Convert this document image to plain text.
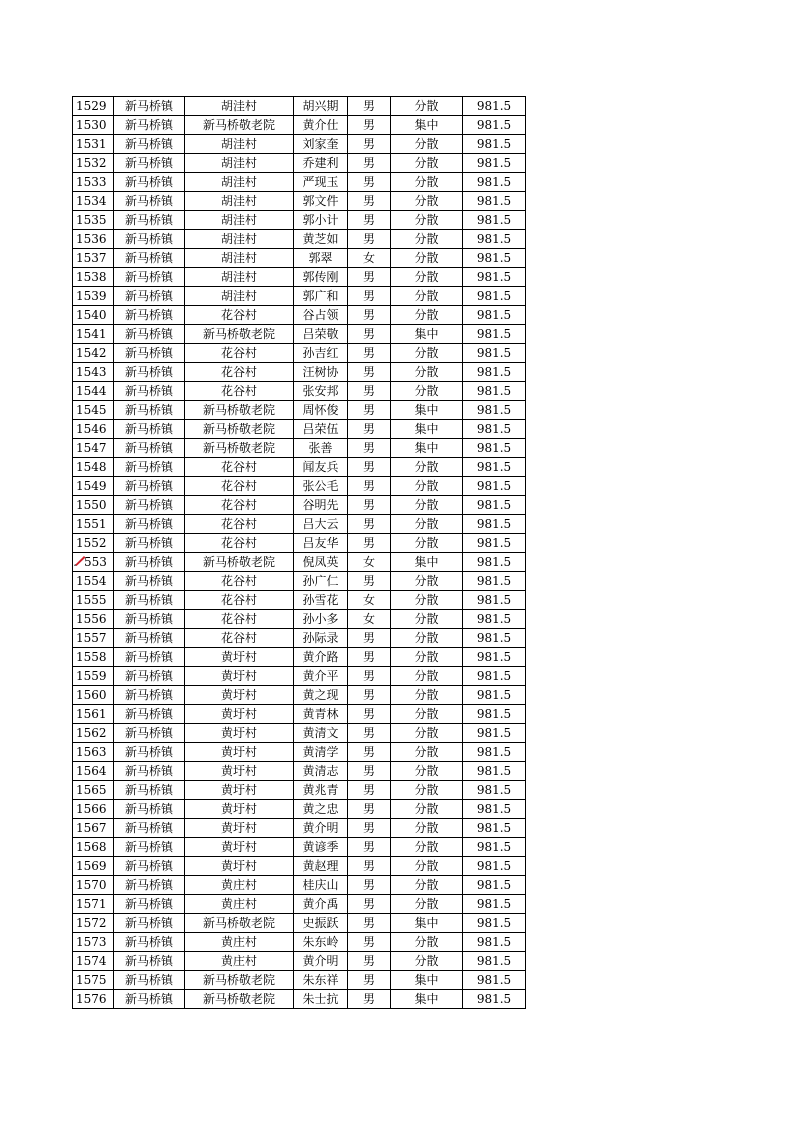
1529	新马桥镇	胡洼村	胡兴期	男	分散	981.5
1530	新马桥镇	新马桥敬老院	黄介仕	男	集中	981.5
1531	新马桥镇	胡洼村	刘家奎	男	分散	981.5
1532	新马桥镇	胡洼村	乔建利	男	分散	981.5
1533	新马桥镇	胡洼村	严现玉	男	分散	981.5
1534	新马桥镇	胡洼村	郭文件	男	分散	981.5
1535	新马桥镇	胡洼村	郭小计	男	分散	981.5
1536	新马桥镇	胡洼村	黄芝如	男	分散	981.5
1537	新马桥镇	胡洼村	郭翠	女	分散	981.5
1538	新马桥镇	胡洼村	郭传刚	男	分散	981.5
1539	新马桥镇	胡洼村	郭广和	男	分散	981.5
1540	新马桥镇	花谷村	谷占领	男	分散	981.5
1541	新马桥镇	新马桥敬老院	吕荣敬	男	集中	981.5
1542	新马桥镇	花谷村	孙吉红	男	分散	981.5
1543	新马桥镇	花谷村	汪树协	男	分散	981.5
1544	新马桥镇	花谷村	张安邦	男	分散	981.5
1545	新马桥镇	新马桥敬老院	周怀俊	男	集中	981.5
1546	新马桥镇	新马桥敬老院	吕荣伍	男	集中	981.5
1547	新马桥镇	新马桥敬老院	张善	男	集中	981.5
1548	新马桥镇	花谷村	闻友兵	男	分散	981.5
1549	新马桥镇	花谷村	张公毛	男	分散	981.5
1550	新马桥镇	花谷村	谷明先	男	分散	981.5
1551	新马桥镇	花谷村	吕大云	男	分散	981.5
1552	新马桥镇	花谷村	吕友华	男	分散	981.5

553	新马桥镇	新马桥敬老院	倪凤英	女	集中	981.5
1554	新马桥镇	花谷村	孙广仁	男	分散	981.5
1555	新马桥镇	花谷村	孙雪花	女	分散	981.5
1556	新马桥镇	花谷村	孙小多	女	分散	981.5
1557	新马桥镇	花谷村	孙际录	男	分散	981.5
1558	新马桥镇	黄圩村	黄介路	男	分散	981.5
1559	新马桥镇	黄圩村	黄介平	男	分散	981.5
1560	新马桥镇	黄圩村	黄之现	男	分散	981.5
1561	新马桥镇	黄圩村	黄青林	男	分散	981.5
1562	新马桥镇	黄圩村	黄清文	男	分散	981.5
1563	新马桥镇	黄圩村	黄清学	男	分散	981.5
1564	新马桥镇	黄圩村	黄清志	男	分散	981.5
1565	新马桥镇	黄圩村	黄兆青	男	分散	981.5
1566	新马桥镇	黄圩村	黄之忠	男	分散	981.5
1567	新马桥镇	黄圩村	黄介明	男	分散	981.5
1568	新马桥镇	黄圩村	黄谚季	男	分散	981.5
1569	新马桥镇	黄圩村	黄赵理	男	分散	981.5
1570	新马桥镇	黄庄村	桂庆山	男	分散	981.5
1571	新马桥镇	黄庄村	黄介禹	男	分散	981.5
1572	新马桥镇	新马桥敬老院	史振跃	男	集中	981.5
1573	新马桥镇	黄庄村	朱东岭	男	分散	981.5
1574	新马桥镇	黄庄村	黄介明	男	分散	981.5
1575	新马桥镇	新马桥敬老院	朱东祥	男	集中	981.5
1576	新马桥镇	新马桥敬老院	朱士抗	男	集中	981.5
